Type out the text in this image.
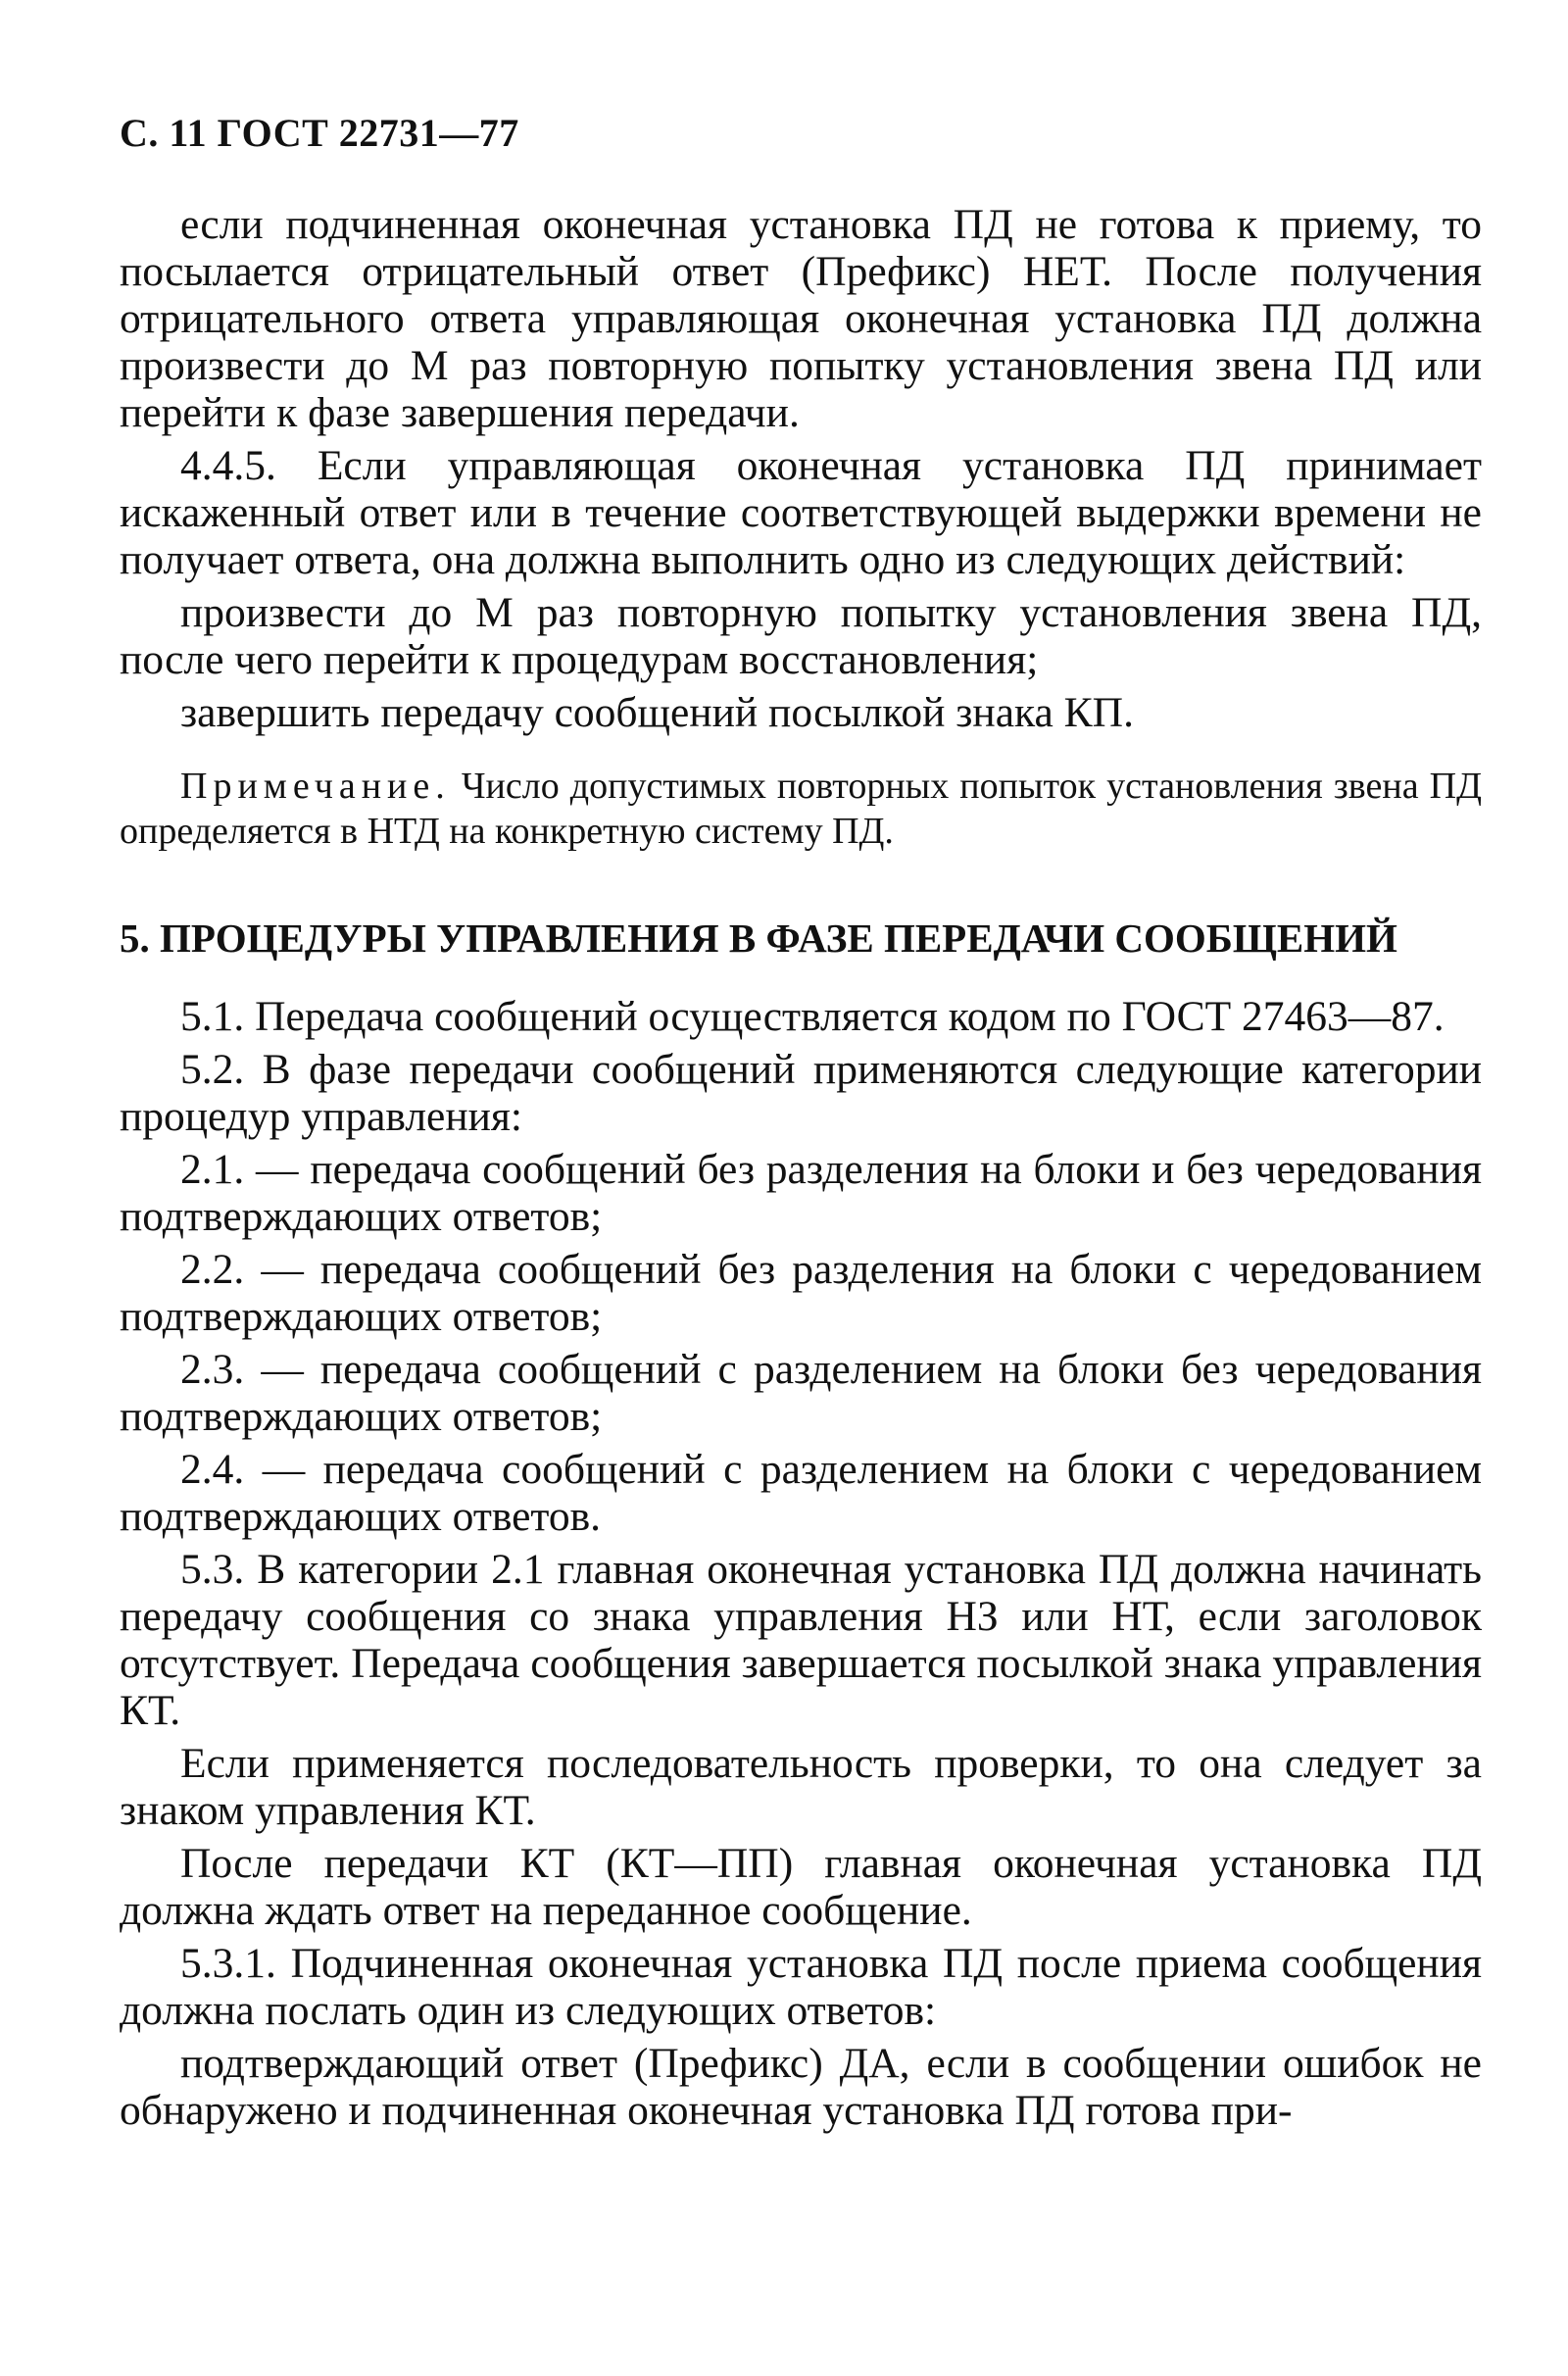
С. 11 ГОСТ 22731—77

если подчиненная оконечная установка ПД не готова к приему, то посылается отрицательный ответ (Префикс) НЕТ. После получения отрицательного ответа управляющая оконечная установка ПД должна произвести до М раз повторную попытку установления звена ПД или перейти к фазе завершения передачи.

4.4.5. Если управляющая оконечная установка ПД принимает искаженный ответ или в течение соответствующей выдержки времени не получает ответа, она должна выполнить одно из следующих действий:

произвести до М раз повторную попытку установления звена ПД, после чего перейти к процедурам восстановления;

завершить передачу сообщений посылкой знака КП.

Примечание. Число допустимых повторных попыток установления звена ПД определяется в НТД на конкретную систему ПД.

5. ПРОЦЕДУРЫ УПРАВЛЕНИЯ В ФАЗЕ ПЕРЕДАЧИ СООБЩЕНИЙ

5.1. Передача сообщений осуществляется кодом по ГОСТ 27463—87.

5.2. В фазе передачи сообщений применяются следующие категории процедур управления:

2.1. — передача сообщений без разделения на блоки и без чередования подтверждающих ответов;

2.2. — передача сообщений без разделения на блоки с чередованием подтверждающих ответов;

2.3. — передача сообщений с разделением на блоки без чередования подтверждающих ответов;

2.4. — передача сообщений с разделением на блоки с чередованием подтверждающих ответов.

5.3. В категории 2.1 главная оконечная установка ПД должна начинать передачу сообщения со знака управления НЗ или НТ, если заголовок отсутствует. Передача сообщения завершается посылкой знака управления КТ.

Если применяется последовательность проверки, то она следует за знаком управления КТ.

После передачи КТ (КТ—ПП) главная оконечная установка ПД должна ждать ответ на переданное сообщение.

5.3.1. Подчиненная оконечная установка ПД после приема сообщения должна послать один из следующих ответов:

подтверждающий ответ (Префикс) ДА, если в сообщении ошибок не обнаружено и подчиненная оконечная установка ПД готова при-
